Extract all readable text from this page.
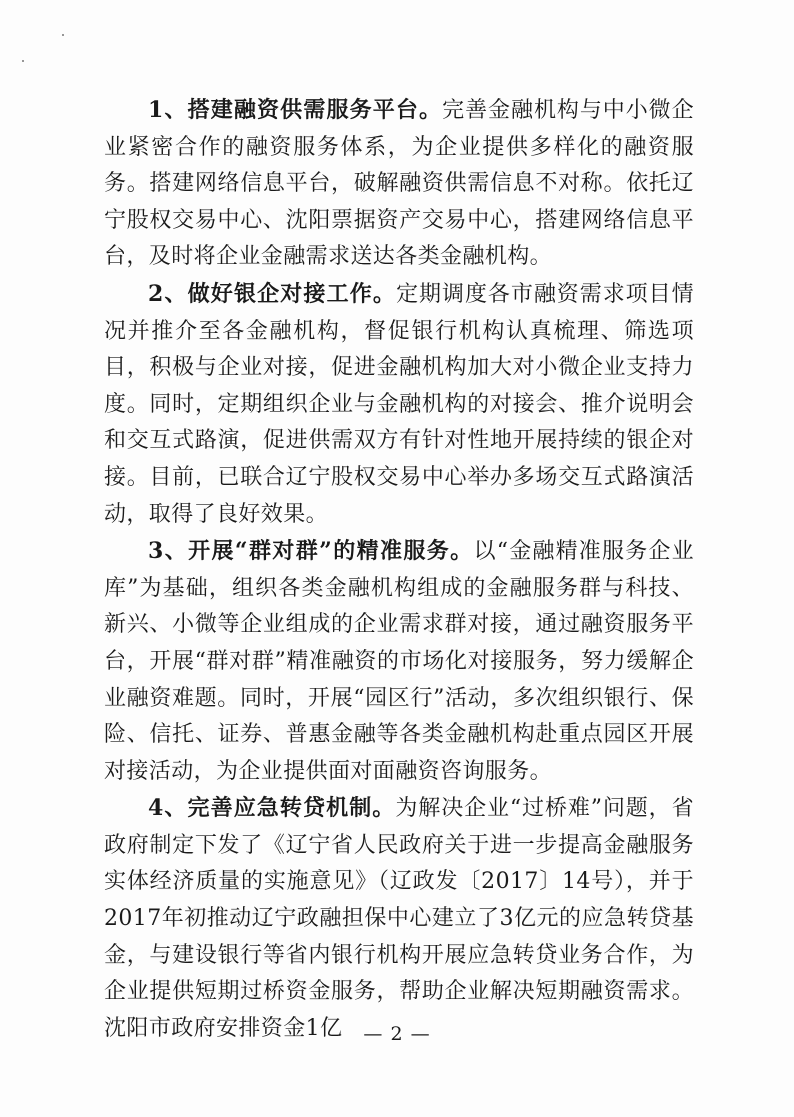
1、搭建融资供需服务平台。完善金融机构与中小微企业紧密合作的融资服务体系，为企业提供多样化的融资服务。搭建网络信息平台，破解融资供需信息不对称。依托辽宁股权交易中心、沈阳票据资产交易中心，搭建网络信息平台，及时将企业金融需求送达各类金融机构。

2、做好银企对接工作。定期调度各市融资需求项目情况并推介至各金融机构，督促银行机构认真梳理、筛选项目，积极与企业对接，促进金融机构加大对小微企业支持力度。同时，定期组织企业与金融机构的对接会、推介说明会和交互式路演，促进供需双方有针对性地开展持续的银企对接。目前，已联合辽宁股权交易中心举办多场交互式路演活动，取得了良好效果。

3、开展“群对群”的精准服务。以“金融精准服务企业库”为基础，组织各类金融机构组成的金融服务群与科技、新兴、小微等企业组成的企业需求群对接，通过融资服务平台，开展“群对群”精准融资的市场化对接服务，努力缓解企业融资难题。同时，开展“园区行”活动，多次组织银行、保险、信托、证券、普惠金融等各类金融机构赴重点园区开展对接活动，为企业提供面对面融资咨询服务。

4、完善应急转贷机制。为解决企业“过桥难”问题，省政府制定下发了《辽宁省人民政府关于进一步提高金融服务实体经济质量的实施意见》（辽政发〔2017〕14号），并于2017年初推动辽宁政融担保中心建立了3亿元的应急转贷基金，与建设银行等省内银行机构开展应急转贷业务合作，为企业提供短期过桥资金服务，帮助企业解决短期融资需求。沈阳市政府安排资金1亿	— 2 —
